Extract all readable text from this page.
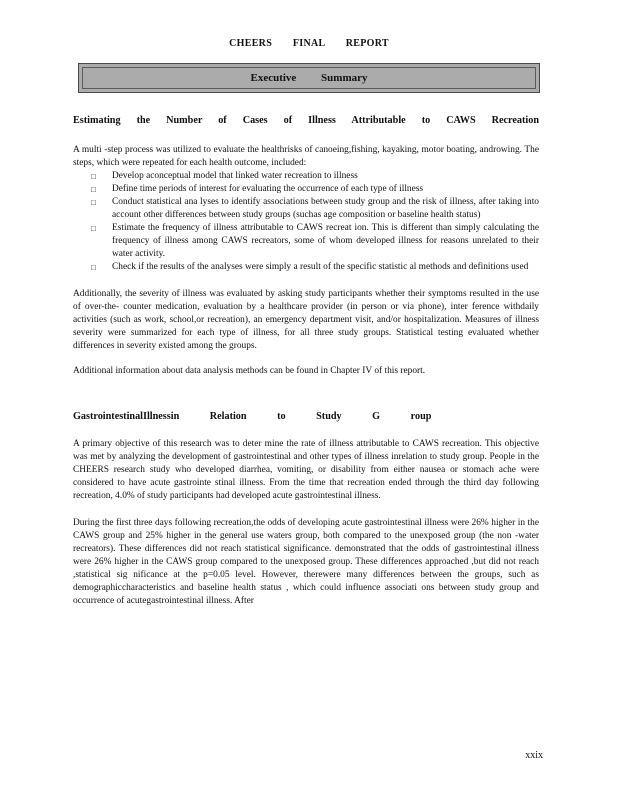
CHEERS FINAL REPORT
Executive Summary
Estimating the Number of Cases of Illness Attributable to CAWS Recreation

A multi -step process was utilized to evaluate the healthrisks of canoeing,fishing, kayaking, motor boating, androwing. The steps, which were repeated for each health outcome, included:

□ Develop aconceptual model that linked water recreation to illness
□ Define time periods of interest for evaluating the occurrence of each type of illness
□ Conduct statistical ana lyses to identify associations between study group and the risk of illness, after taking into account other differences between study groups (suchas age composition or baseline health status)
□ Estimate the frequency of illness attributable to CAWS recreat ion. This is different than simply calculating the frequency of illness among CAWS recreators, some of whom developed illness for reasons unrelated to their water activity.
□ Check if the results of the analyses were simply a result of the specific statistic al methods and definitions used

Additionally, the severity of illness was evaluated by asking study participants whether their symptoms resulted in the use of over-the- counter medication, evaluation by a healthcare provider (in person or via phone), inter ference withdaily activities (such as work, school,or recreation), an emergency department visit, and/or hospitalization. Measures of illness severity were summarized for each type of illness, for all three study groups. Statistical testing evaluated whether differences in severity existed among the groups.

Additional information about data analysis methods can be found in Chapter IV of this report.

GastrointestinalIllnessin Relation to Study G roup

A primary objective of this research was to deter mine the rate of illness attributable to CAWS recreation. This objective was met by analyzing the development of gastrointestinal and other types of illness inrelation to study group. People in the CHEERS research study who developed diarrhea, vomiting, or disability from either nausea or stomach ache were considered to have acute gastrointe stinal illness. From the time that recreation ended through the third day following recreation, 4.0% of study participants had developed acute gastrointestinal illness.

During the first three days following recreation,the odds of developing acute gastrointestinal illness were 26% higher in the CAWS group and 25% higher in the general use waters group, both compared to the unexposed group (the non -water recreators). These differences did not reach statistical significance. demonstrated that the odds of gastrointestinal illness were 26% higher in the CAWS group compared to the unexposed group. These differences approached ,but did not reach ,statistical sig nificance at the p=0.05 level. However, therewere many differences between the groups, such as demographiccharacteristics and baseline health status , which could influence associati ons between study group and occurrence of acutegastrointestinal illness. After

xxix
